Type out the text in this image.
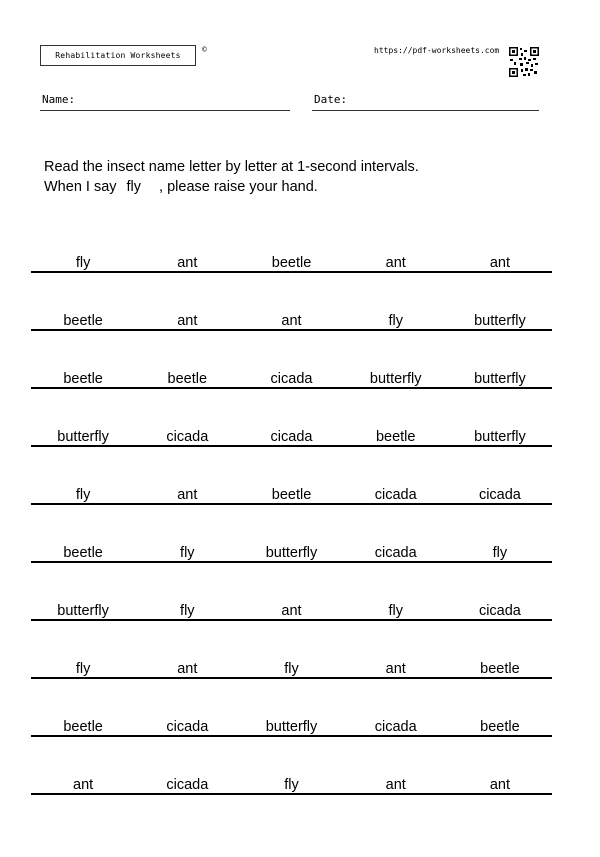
Rehabilitation Worksheets
©	https://pdf-worksheets.com
Name:	Date:
Read the insect name letter by letter at 1-second intervals.
When I say fly , please raise your hand.
fly	ant	beetle	ant	ant
beetle	ant	ant	fly	butterfly
beetle	beetle	cicada	butterfly	butterfly
butterfly	cicada	cicada	beetle	butterfly
fly	ant	beetle	cicada	cicada
beetle	fly	butterfly	cicada	fly
butterfly	fly	ant	fly	cicada
fly	ant	fly	ant	beetle
beetle	cicada	butterfly	cicada	beetle
ant	cicada	fly	ant	ant
